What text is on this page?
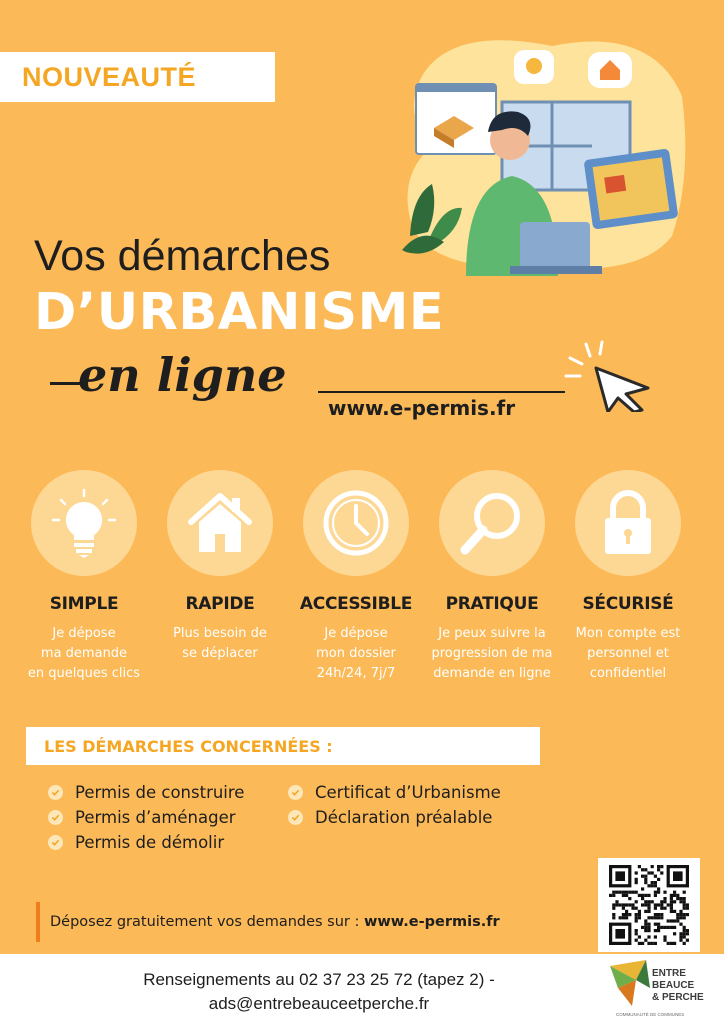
NOUVEAUTÉ
Vos démarches
D’URBANISME
en ligne
www.e-permis.fr
SIMPLE
Je dépose
ma demande
en quelques clics
RAPIDE
Plus besoin de
se déplacer
ACCESSIBLE
Je dépose
mon dossier
24h/24, 7j/7
PRATIQUE
Je peux suivre la
progression de ma
demande en ligne
SÉCURISÉ
Mon compte est
personnel et
confidentiel
LES DÉMARCHES CONCERNÉES :
Permis de construire
Permis d’aménager
Permis de démolir
Certificat d’Urbanisme
Déclaration préalable
Déposez gratuitement vos demandes sur : www.e-permis.fr
Renseignements au 02 37 23 25 72 (tapez 2) -
ads@entrebeauceetperche.fr
ENTRE
BEAUCE
& PERCHE
COMMUNAUTÉ DE COMMUNES
